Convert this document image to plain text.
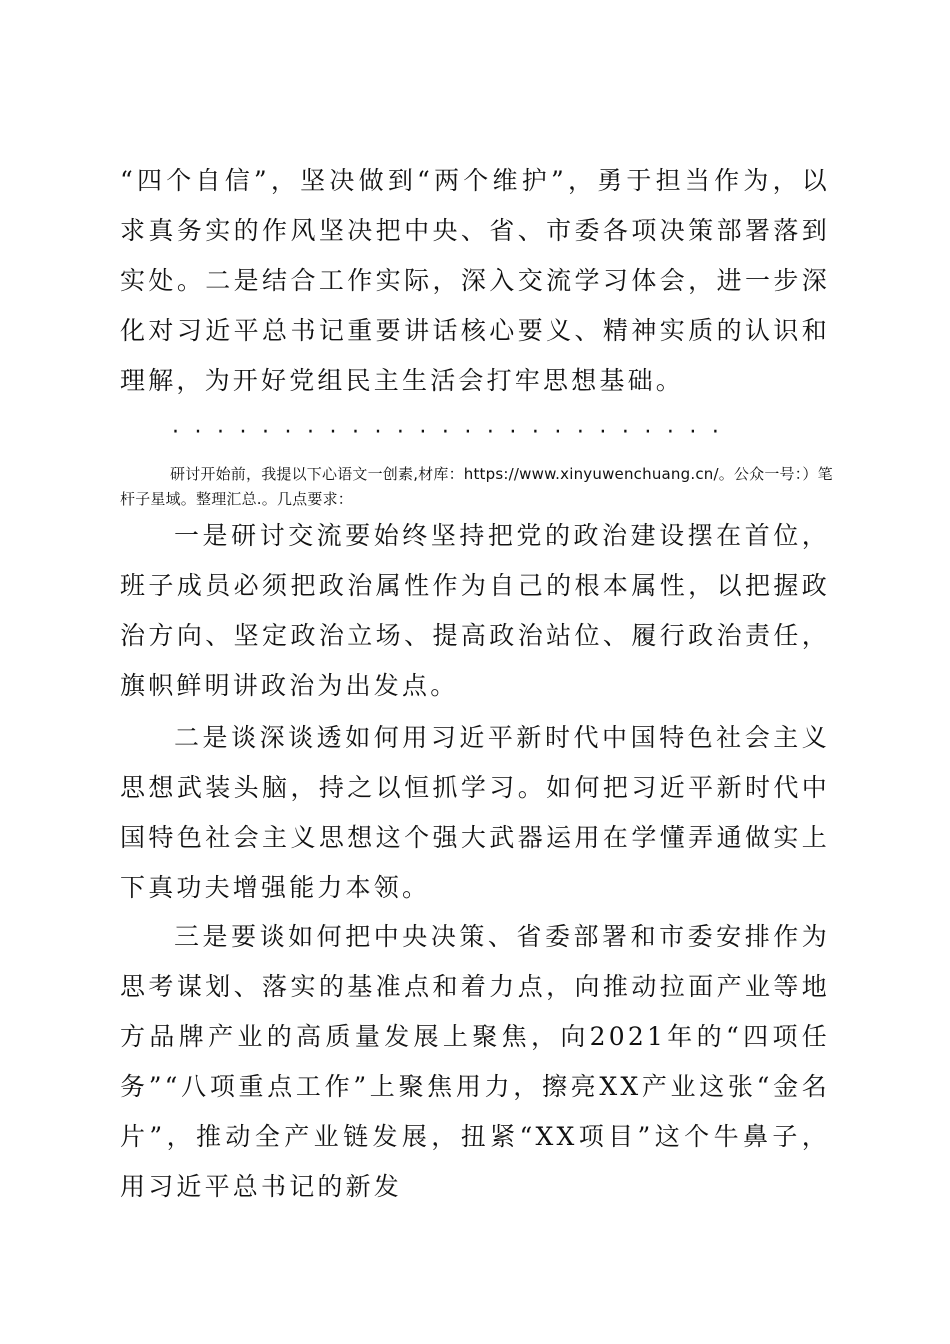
“四个自信”，坚决做到“两个维护”，勇于担当作为，以求真务实的作风坚决把中央、省、市委各项决策部署落到实处。二是结合工作实际，深入交流学习体会，进一步深化对习近平总书记重要讲话核心要义、精神实质的认识和理解，为开好党组民主生活会打牢思想基础。

·························

研讨开始前，我提以下心语文一创素,材库：https://www.xinyuwenchuang.cn/。公众一号：）笔杆子星域。整理汇总.。几点要求：

一是研讨交流要始终坚持把党的政治建设摆在首位，班子成员必须把政治属性作为自己的根本属性，以把握政治方向、坚定政治立场、提高政治站位、履行政治责任，旗帜鲜明讲政治为出发点。

二是谈深谈透如何用习近平新时代中国特色社会主义思想武装头脑，持之以恒抓学习。如何把习近平新时代中国特色社会主义思想这个强大武器运用在学懂弄通做实上下真功夫增强能力本领。

三是要谈如何把中央决策、省委部署和市委安排作为思考谋划、落实的基准点和着力点，向推动拉面产业等地方品牌产业的高质量发展上聚焦，向2021年的“四项任务”“八项重点工作”上聚焦用力，擦亮XX产业这张“金名片”，推动全产业链发展，扭紧“XX项目”这个牛鼻子，用习近平总书记的新发
